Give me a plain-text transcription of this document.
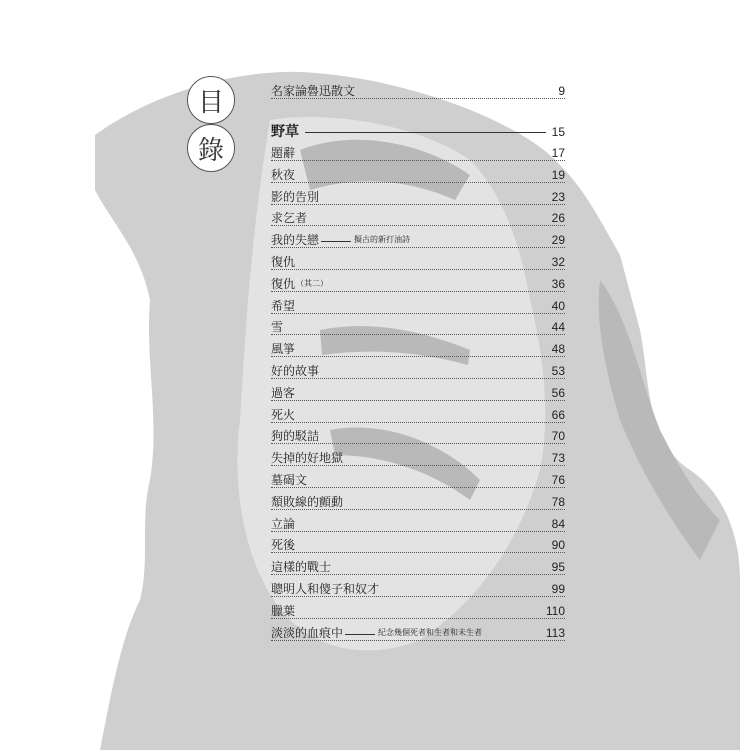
目
錄
名家論魯迅散文	9
野草	15
題辭	17
秋夜	19
影的告別	23
求乞者	26
我的失戀	擬古的新打油詩	29
復仇	32
復仇 （其二）	36
希望	40
雪	44
風箏	48
好的故事	53
過客	56
死火	66
狗的駁詰	70
失掉的好地獄	73
墓碣文	76
頹敗線的顫動	78
立論	84
死後	90
這樣的戰士	95
聰明人和傻子和奴才	99
臘葉	110
淡淡的血痕中	紀念幾個死者和生者和未生者	113
